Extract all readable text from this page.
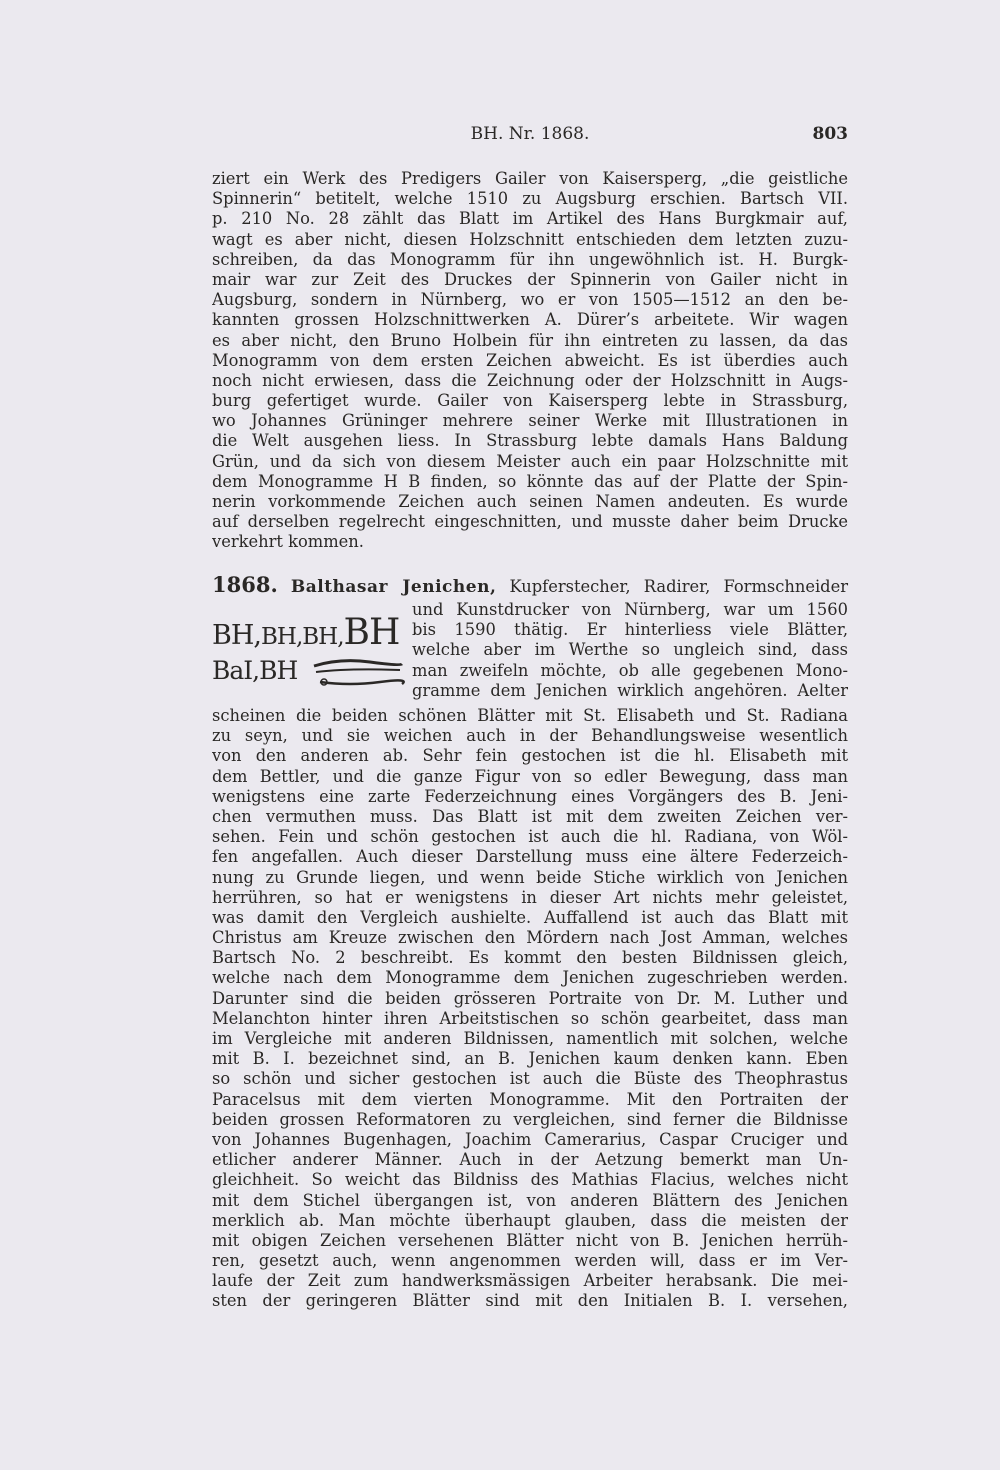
BH. Nr. 1868.	803
ziert ein Werk des Predigers Gailer von Kaisersperg, „die geistliche
Spinnerin“ betitelt, welche 1510 zu Augsburg erschien. Bartsch VII.
p. 210 No. 28 zählt das Blatt im Artikel des Hans Burgkmair auf,
wagt es aber nicht, diesen Holzschnitt entschieden dem letzten zuzu-
schreiben, da das Monogramm für ihn ungewöhnlich ist. H. Burgk-
mair war zur Zeit des Druckes der Spinnerin von Gailer nicht in
Augsburg, sondern in Nürnberg, wo er von 1505—1512 an den be-
kannten grossen Holzschnittwerken A. Dürer’s arbeitete. Wir wagen
es aber nicht, den Bruno Holbein für ihn eintreten zu lassen, da das
Monogramm von dem ersten Zeichen abweicht. Es ist überdies auch
noch nicht erwiesen, dass die Zeichnung oder der Holzschnitt in Augs-
burg gefertiget wurde. Gailer von Kaisersperg lebte in Strassburg,
wo Johannes Grüninger mehrere seiner Werke mit Illustrationen in
die Welt ausgehen liess. In Strassburg lebte damals Hans Baldung
Grün, und da sich von diesem Meister auch ein paar Holzschnitte mit
dem Monogramme H B finden, so könnte das auf der Platte der Spin-
nerin vorkommende Zeichen auch seinen Namen andeuten. Es wurde
auf derselben regelrecht eingeschnitten, und musste daher beim Drucke
verkehrt kommen.
1868. Balthasar Jenichen, Kupferstecher, Radirer, Formschneider
BH,BH,BH,BH
BaI,BH
und Kunstdrucker von Nürnberg, war um 1560
bis 1590 thätig. Er hinterliess viele Blätter,
welche aber im Werthe so ungleich sind, dass
man zweifeln möchte, ob alle gegebenen Mono-
gramme dem Jenichen wirklich angehören. Aelter
scheinen die beiden schönen Blätter mit St. Elisabeth und St. Radiana
zu seyn, und sie weichen auch in der Behandlungsweise wesentlich
von den anderen ab. Sehr fein gestochen ist die hl. Elisabeth mit
dem Bettler, und die ganze Figur von so edler Bewegung, dass man
wenigstens eine zarte Federzeichnung eines Vorgängers des B. Jeni-
chen vermuthen muss. Das Blatt ist mit dem zweiten Zeichen ver-
sehen. Fein und schön gestochen ist auch die hl. Radiana, von Wöl-
fen angefallen. Auch dieser Darstellung muss eine ältere Federzeich-
nung zu Grunde liegen, und wenn beide Stiche wirklich von Jenichen
herrühren, so hat er wenigstens in dieser Art nichts mehr geleistet,
was damit den Vergleich aushielte. Auffallend ist auch das Blatt mit
Christus am Kreuze zwischen den Mördern nach Jost Amman, welches
Bartsch No. 2 beschreibt. Es kommt den besten Bildnissen gleich,
welche nach dem Monogramme dem Jenichen zugeschrieben werden.
Darunter sind die beiden grösseren Portraite von Dr. M. Luther und
Melanchton hinter ihren Arbeitstischen so schön gearbeitet, dass man
im Vergleiche mit anderen Bildnissen, namentlich mit solchen, welche
mit B. I. bezeichnet sind, an B. Jenichen kaum denken kann. Eben
so schön und sicher gestochen ist auch die Büste des Theophrastus
Paracelsus mit dem vierten Monogramme. Mit den Portraiten der
beiden grossen Reformatoren zu vergleichen, sind ferner die Bildnisse
von Johannes Bugenhagen, Joachim Camerarius, Caspar Cruciger und
etlicher anderer Männer. Auch in der Aetzung bemerkt man Un-
gleichheit. So weicht das Bildniss des Mathias Flacius, welches nicht
mit dem Stichel übergangen ist, von anderen Blättern des Jenichen
merklich ab. Man möchte überhaupt glauben, dass die meisten der
mit obigen Zeichen versehenen Blätter nicht von B. Jenichen herrüh-
ren, gesetzt auch, wenn angenommen werden will, dass er im Ver-
laufe der Zeit zum handwerksmässigen Arbeiter herabsank. Die mei-
sten der geringeren Blätter sind mit den Initialen B. I. versehen,
